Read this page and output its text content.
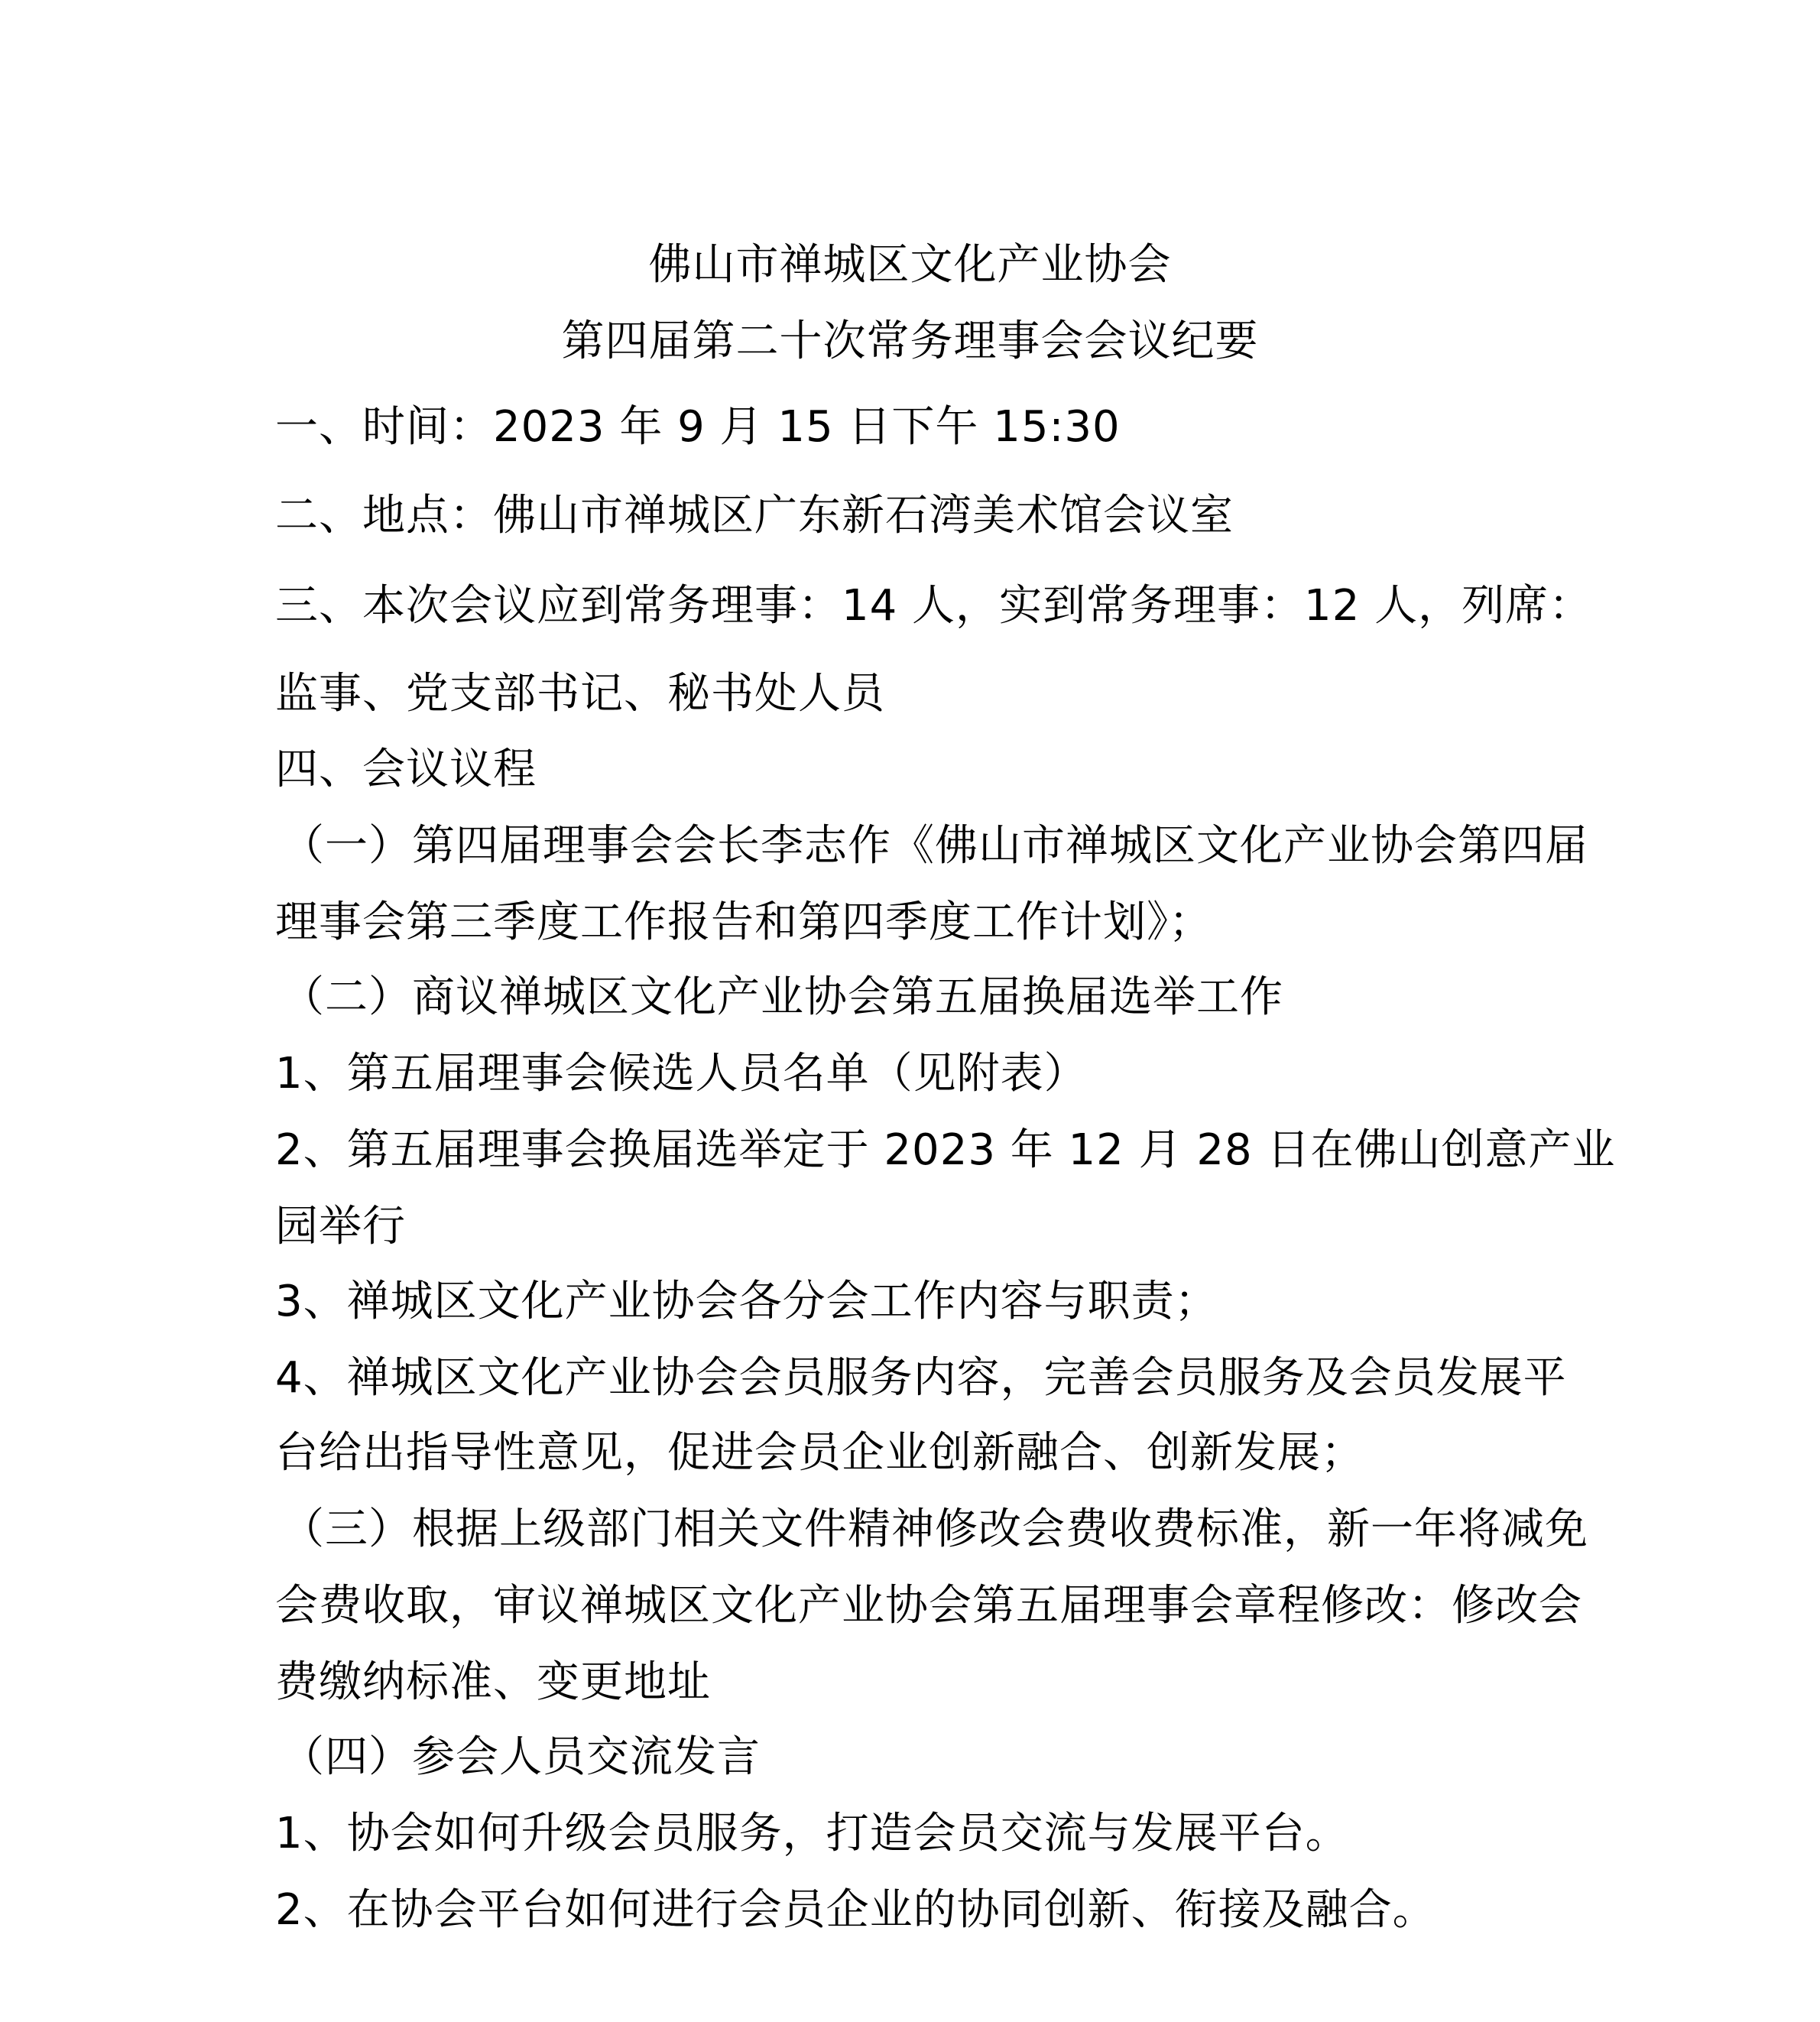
佛山市禅城区文化产业协会
第四届第二十次常务理事会会议纪要
一、时间：2023 年 9 月 15 日下午 15:30
二、地点：佛山市禅城区广东新石湾美术馆会议室
三、本次会议应到常务理事：14 人，实到常务理事：12 人，列席：
监事、党支部书记、秘书处人员
四、会议议程
（一）第四届理事会会长李志作《佛山市禅城区文化产业协会第四届
理事会第三季度工作报告和第四季度工作计划》；
（二）商议禅城区文化产业协会第五届换届选举工作
1、第五届理事会候选人员名单（见附表）
2、第五届理事会换届选举定于 2023 年 12 月 28 日在佛山创意产业
园举行
3、禅城区文化产业协会各分会工作内容与职责；
4、禅城区文化产业协会会员服务内容，完善会员服务及会员发展平
台给出指导性意见，促进会员企业创新融合、创新发展；
（三）根据上级部门相关文件精神修改会费收费标准，新一年将减免
会费收取，审议禅城区文化产业协会第五届理事会章程修改：修改会
费缴纳标准、变更地址
（四）参会人员交流发言
1、协会如何升级会员服务，打造会员交流与发展平台。
2、在协会平台如何进行会员企业的协同创新、衔接及融合。
